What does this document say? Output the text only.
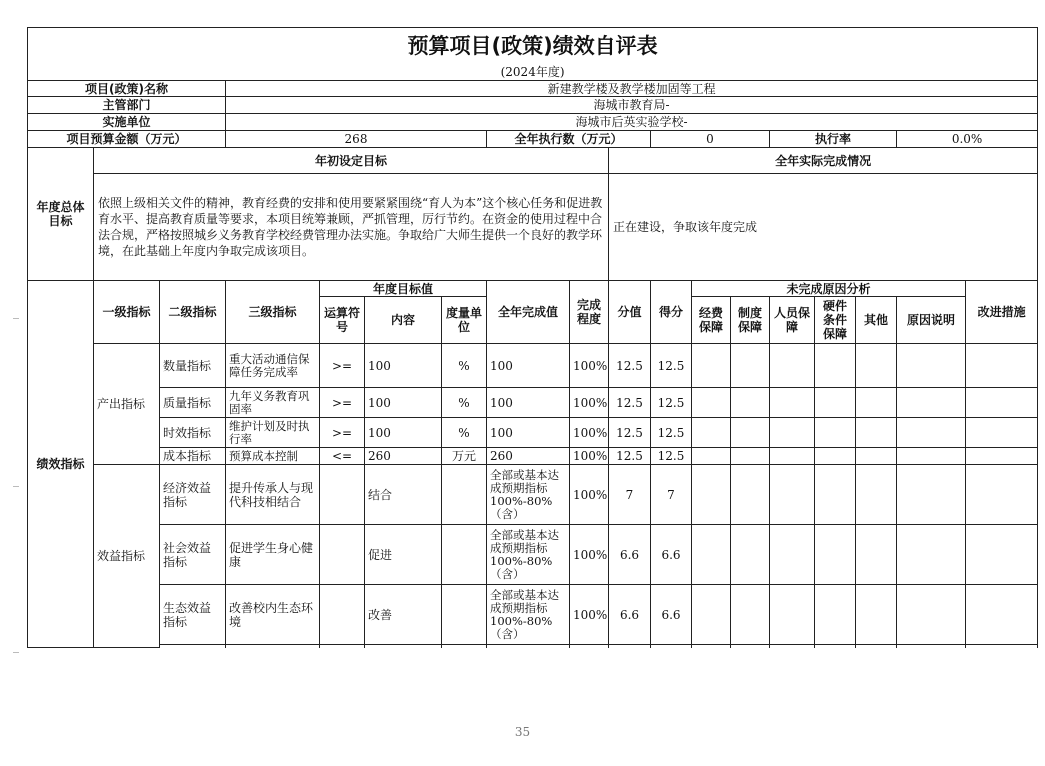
预算项目(政策)绩效自评表																	
(2024年度)																	
项目(政策)名称			新建教学楼及教学楼加固等工程														
主管部门			海城市教育局-														
实施单位			海城市后英实验学校-														
项目预算金额（万元）			268				全年执行数（万元）			0			执行率			0.0%	
年度总体目标	年初设定目标								全年实际完成情况								
	依照上级相关文件的精神，教育经费的安排和使用要紧紧围绕“育人为本”这个核心任务和促进教育水平、提高教育质量等要求，本项目统筹兼顾，严抓管理，厉行节约。在资金的使用过程中合法合规，严格按照城乡义务教育学校经费管理办法实施。争取给广大师生提供一个良好的教学环境，在此基础上年度内争取完成该项目。								正在建设，争取该年度完成								
绩效指标	一级指标	二级指标	三级指标	年度目标值			全年完成值	完成程度	分值	得分	未完成原因分析						改进措施
				运算符号	内容	度量单位					经费保障	制度保障	人员保障	硬件条件保障	其他	原因说明	
	产出指标	数量指标	重大活动通信保障任务完成率	>=	100	%	100	100%	12.5	12.5							
		质量指标	九年义务教育巩固率	>=	100	%	100	100%	12.5	12.5							
		时效指标	维护计划及时执行率	>=	100	%	100	100%	12.5	12.5							
		成本指标	预算成本控制	<=	260	万元	260	100%	12.5	12.5							
	效益指标	经济效益指标	提升传承人与现代科技相结合		结合		全部或基本达成预期指标100%-80%（含）	100%	7	7							
		社会效益指标	促进学生身心健康		促进		全部或基本达成预期指标100%-80%（含）	100%	6.6	6.6							
		生态效益指标	改善校内生态环境		改善		全部或基本达成预期指标100%-80%（含）	100%	6.6	6.6							

35
